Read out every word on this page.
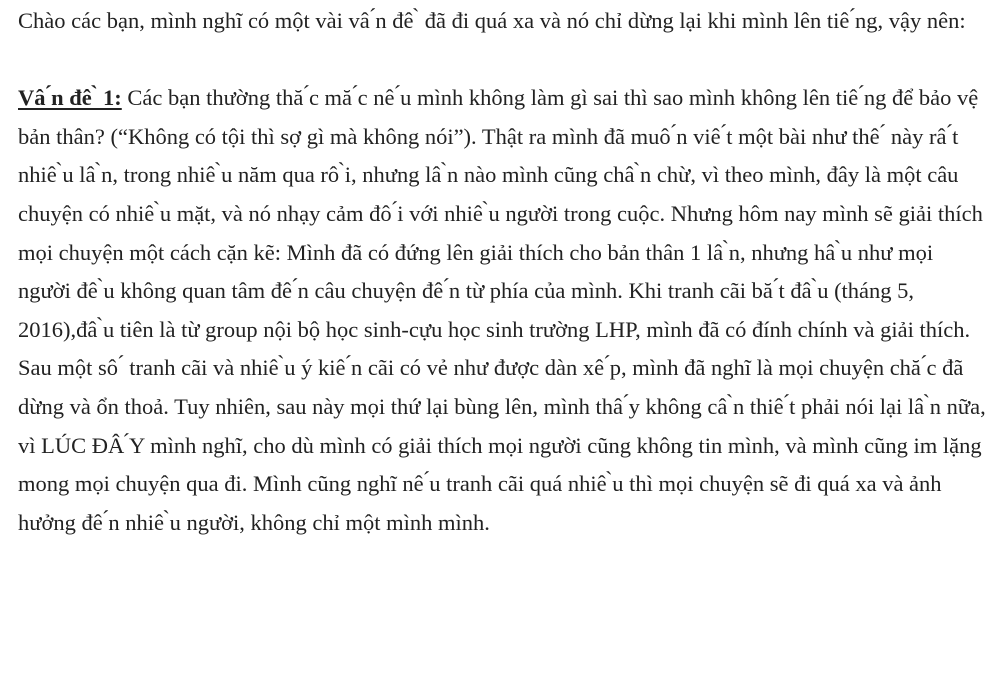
Chào các bạn, mình nghĩ có một vài vâ ́n đê ̀ đã đi quá xa và nó chỉ dừng lại khi mình lên tiê ́ng, vậy nên:

Vâ ́n đê ̀ 1: Các bạn thường thă ́c mă ́c nê ́u mình không làm gì sai thì sao mình không lên tiê ́ng để bảo vệ bản thân? (“Không có tội thì sợ gì mà không nói”). Thật ra mình đã muô ́n viê ́t một bài như thê ́ này râ ́t nhiê ̀u lâ ̀n, trong nhiê ̀u năm qua rô ̀i, nhưng lâ ̀n nào mình cũng châ ̀n chừ, vì theo mình, đây là một câu chuyện có nhiê ̀u mặt, và nó nhạy cảm đô ́i với nhiê ̀u người trong cuộc. Nhưng hôm nay mình sẽ giải thích mọi chuyện một cách cặn kẽ: Mình đã có đứng lên giải thích cho bản thân 1 lâ ̀n, nhưng hâ ̀u như mọi người đê ̀u không quan tâm đê ́n câu chuyện đê ́n từ phía của mình. Khi tranh cãi bă ́t đâ ̀u (tháng 5, 2016),đâ ̀u tiên là từ group nội bộ học sinh-cựu học sinh trường LHP, mình đã có đính chính và giải thích. Sau một sô ́ tranh cãi và nhiê ̀u ý kiê ́n cãi có vẻ như được dàn xê ́p, mình đã nghĩ là mọi chuyện chă ́c đã dừng và ổn thoả. Tuy nhiên, sau này mọi thứ lại bùng lên, mình thâ ́y không câ ̀n thiê ́t phải nói lại lâ ̀n nữa, vì LÚC ĐÂ ́Y mình nghĩ, cho dù mình có giải thích mọi người cũng không tin mình, và mình cũng im lặng mong mọi chuyện qua đi. Mình cũng nghĩ nê ́u tranh cãi quá nhiê ̀u thì mọi chuyện sẽ đi quá xa và ảnh hưởng đê ́n nhiê ̀u người, không chỉ một mình mình.
